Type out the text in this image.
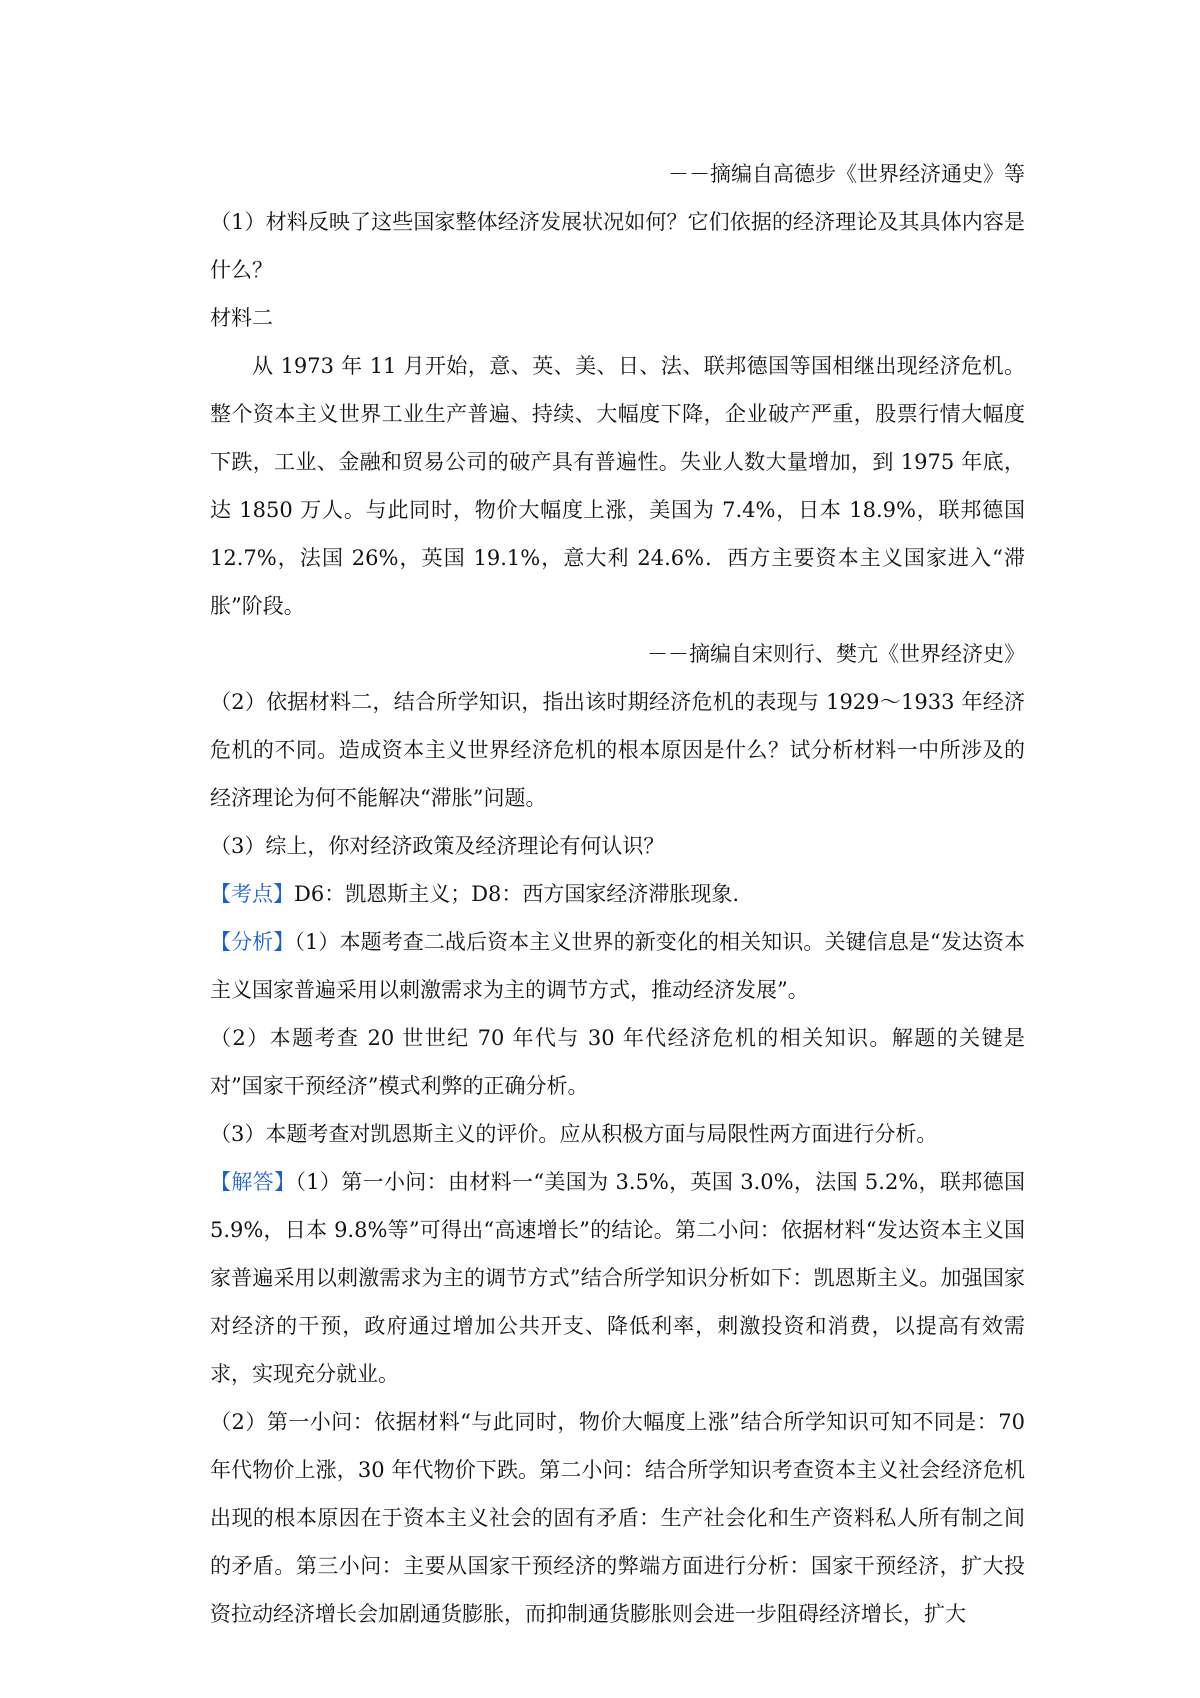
－－摘编自高德步《世界经济通史》等

（1）材料反映了这些国家整体经济发展状况如何？它们依据的经济理论及其具体内容是什么？

材料二

从 1973 年 11 月开始，意、英、美、日、法、联邦德国等国相继出现经济危机。整个资本主义世界工业生产普遍、持续、大幅度下降，企业破产严重，股票行情大幅度下跌，工业、金融和贸易公司的破产具有普遍性。失业人数大量增加，到 1975 年底，达 1850 万人。与此同时，物价大幅度上涨，美国为 7.4%，日本 18.9%，联邦德国 12.7%，法国 26%，英国 19.1%，意大利 24.6%．西方主要资本主义国家进入“滞胀”阶段。

－－摘编自宋则行、樊亢《世界经济史》

（2）依据材料二，结合所学知识，指出该时期经济危机的表现与 1929～1933 年经济危机的不同。造成资本主义世界经济危机的根本原因是什么？试分析材料一中所涉及的经济理论为何不能解决“滞胀”问题。

（3）综上，你对经济政策及经济理论有何认识？

【考点】D6：凯恩斯主义；D8：西方国家经济滞胀现象.

【分析】（1）本题考查二战后资本主义世界的新变化的相关知识。关键信息是“发达资本主义国家普遍采用以刺激需求为主的调节方式，推动经济发展”。

（2）本题考查 20 世世纪 70 年代与 30 年代经济危机的相关知识。解题的关键是对”国家干预经济”模式利弊的正确分析。

（3）本题考查对凯恩斯主义的评价。应从积极方面与局限性两方面进行分析。

【解答】（1）第一小问：由材料一“美国为 3.5%，英国 3.0%，法国 5.2%，联邦德国 5.9%，日本 9.8%等”可得出“高速增长”的结论。第二小问：依据材料“发达资本主义国家普遍采用以刺激需求为主的调节方式”结合所学知识分析如下：凯恩斯主义。加强国家对经济的干预，政府通过增加公共开支、降低利率，刺激投资和消费，以提高有效需求，实现充分就业。

（2）第一小问：依据材料“与此同时，物价大幅度上涨”结合所学知识可知不同是：70 年代物价上涨，30 年代物价下跌。第二小问：结合所学知识考查资本主义社会经济危机出现的根本原因在于资本主义社会的固有矛盾：生产社会化和生产资料私人所有制之间的矛盾。第三小问：主要从国家干预经济的弊端方面进行分析：国家干预经济，扩大投资拉动经济增长会加剧通货膨胀，而抑制通货膨胀则会进一步阻碍经济增长，扩大
